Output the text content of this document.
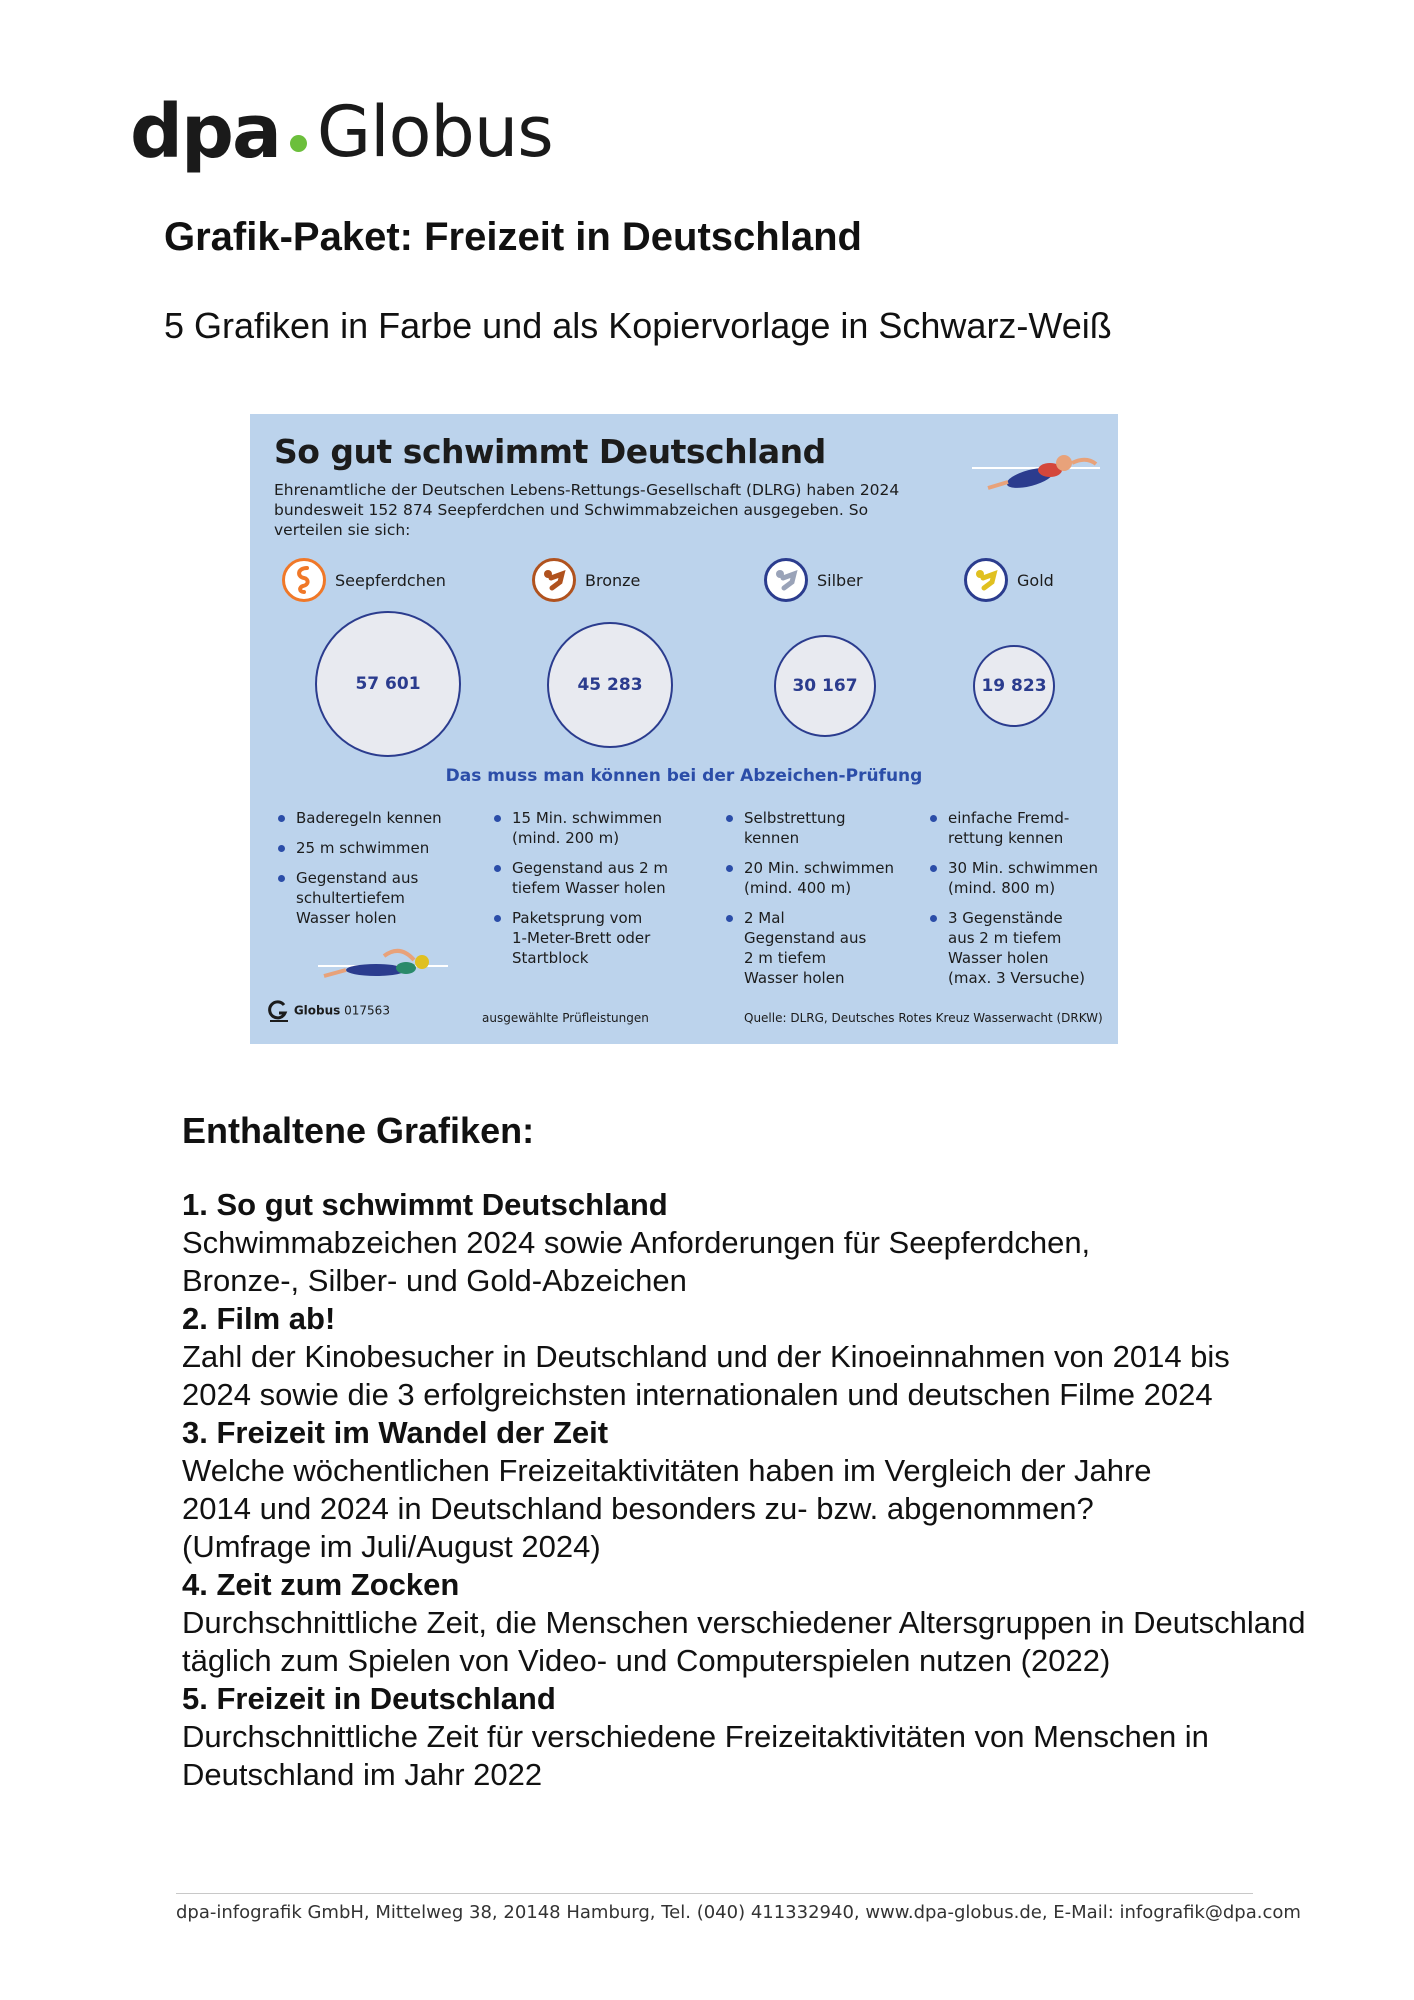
dpa Globus
Grafik-Paket: Freizeit in Deutschland
5 Grafiken in Farbe und als Kopiervorlage in Schwarz-Weiß
So gut schwimmt Deutschland
Ehrenamtliche der Deutschen Lebens-Rettungs-Gesellschaft (DLRG) haben 2024 bundesweit 152 874 Seepferdchen und Schwimmabzeichen ausgegeben. So verteilen sie sich:
Seepferdchen	Bronze	Silber	Gold
57 601	45 283	30 167	19 823
Das muss man können bei der Abzeichen-Prüfung
Baderegeln kennen
25 m schwimmen
Gegenstand aus schultertiefem Wasser holen
15 Min. schwimmen (mind. 200 m)
Gegenstand aus 2 m tiefem Wasser holen
Paketsprung vom 1-Meter-Brett oder Startblock
Selbstrettung kennen
20 Min. schwimmen (mind. 400 m)
2 Mal Gegenstand aus 2 m tiefem Wasser holen
einfache Fremd-rettung kennen
30 Min. schwimmen (mind. 800 m)
3 Gegenstände aus 2 m tiefem Wasser holen (max. 3 Versuche)
Globus 017563
ausgewählte Prüfleistungen	Quelle: DLRG, Deutsches Rotes Kreuz Wasserwacht (DRKW)
Enthaltene Grafiken:
1. So gut schwimmt Deutschland
Schwimmabzeichen 2024 sowie Anforderungen für Seepferdchen, Bronze-, Silber- und Gold-Abzeichen
2. Film ab!
Zahl der Kinobesucher in Deutschland und der Kinoeinnahmen von 2014 bis 2024 sowie die 3 erfolgreichsten internationalen und deutschen Filme 2024
3. Freizeit im Wandel der Zeit
Welche wöchentlichen Freizeitaktivitäten haben im Vergleich der Jahre 2014 und 2024 in Deutschland besonders zu- bzw. abgenommen? (Umfrage im Juli/August 2024)
4. Zeit zum Zocken
Durchschnittliche Zeit, die Menschen verschiedener Altersgruppen in Deutschland täglich zum Spielen von Video- und Computerspielen nutzen (2022)
5. Freizeit in Deutschland
Durchschnittliche Zeit für verschiedene Freizeitaktivitäten von Menschen in Deutschland im Jahr 2022
dpa-infografik GmbH, Mittelweg 38, 20148 Hamburg, Tel. (040) 411332940, www.dpa-globus.de, E-Mail: infografik@dpa.com
